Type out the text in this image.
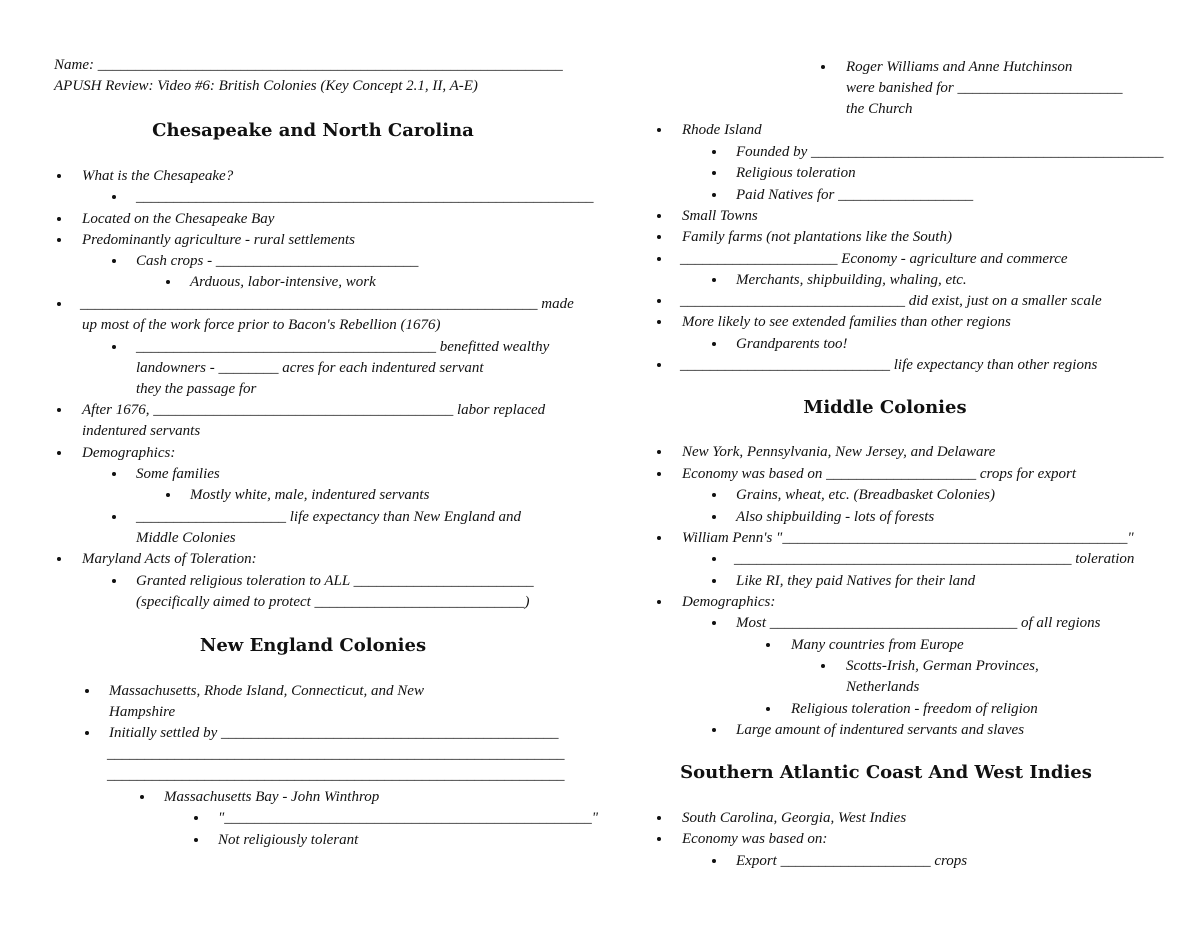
Name: ______________________________________________________________
APUSH Review: Video #6: British Colonies (Key Concept 2.1, II, A-E)
Chesapeake and North Carolina
What is the Chesapeake?
_____________________________________________________________
Located on the Chesapeake Bay
Predominantly agriculture - rural settlements
Cash crops - ___________________________
Arduous, labor-intensive, work
_____________________________________________________________ made
up most of the work force prior to Bacon's Rebellion (1676)
________________________________________ benefitted wealthy
landowners - ________ acres for each indentured servant
they the passage for
After 1676, ________________________________________ labor replaced
indentured servants
Demographics:
Some families
Mostly white, male, indentured servants
____________________ life expectancy than New England and
Middle Colonies
Maryland Acts of Toleration:
Granted religious toleration to ALL ________________________
(specifically aimed to protect ____________________________)
New England Colonies
Massachusetts, Rhode Island, Connecticut, and New
Hampshire
Initially settled by _____________________________________________
_____________________________________________________________
_____________________________________________________________
Massachusetts Bay - John Winthrop
"_________________________________________________"
Not religiously tolerant
Roger Williams and Anne Hutchinson
were banished for ______________________
the Church
Rhode Island
Founded by _______________________________________________
Religious toleration
Paid Natives for __________________
Small Towns
Family farms (not plantations like the South)
_____________________ Economy - agriculture and commerce
Merchants, shipbuilding, whaling, etc.
______________________________ did exist, just on a smaller scale
More likely to see extended families than other regions
Grandparents too!
____________________________ life expectancy than other regions
Middle Colonies
New York, Pennsylvania, New Jersey, and Delaware
Economy was based on ____________________ crops for export
Grains, wheat, etc. (Breadbasket Colonies)
Also shipbuilding - lots of forests
William Penn's "______________________________________________"
_____________________________________________ toleration
Like RI, they paid Natives for their land
Demographics:
Most _________________________________ of all regions
Many countries from Europe
Scotts-Irish, German Provinces,
Netherlands
Religious toleration - freedom of religion
Large amount of indentured servants and slaves
Southern Atlantic Coast And West Indies
South Carolina, Georgia, West Indies
Economy was based on:
Export ____________________ crops
